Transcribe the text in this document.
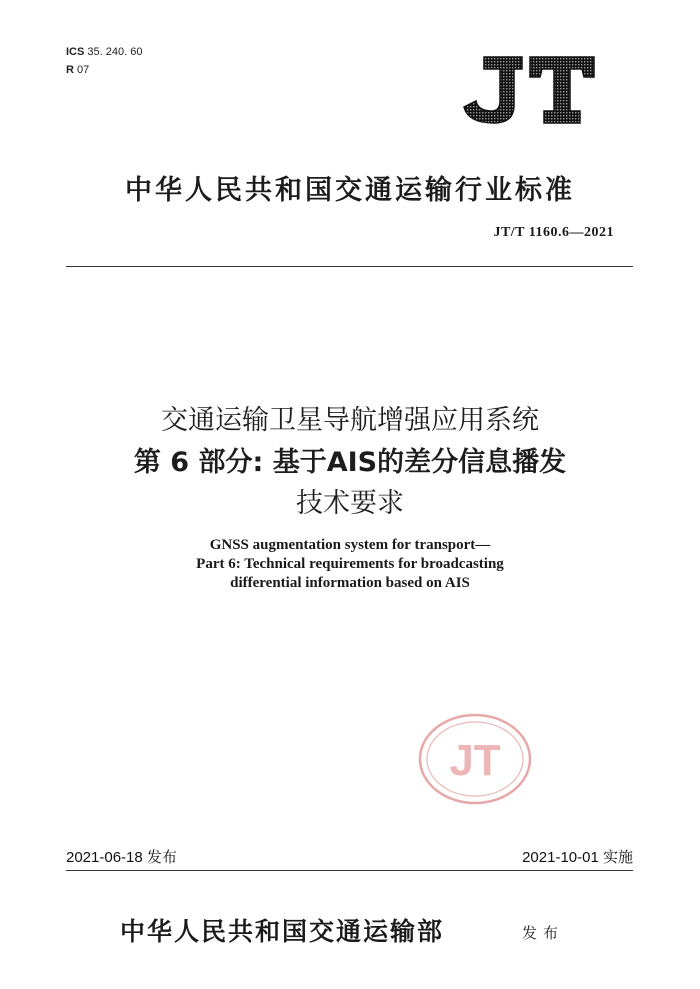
ICS 35. 240. 60
R 07
中华人民共和国交通运输行业标准
JT/T 1160.6—2021
交通运输卫星导航增强应用系统
第 6 部分: 基于AIS的差分信息播发
技术要求
GNSS augmentation system for transport—
Part 6: Technical requirements for broadcasting
differential information based on AIS
JT
2021-06-18 发布	2021-10-01 实施
中华人民共和国交通运输部	发布
